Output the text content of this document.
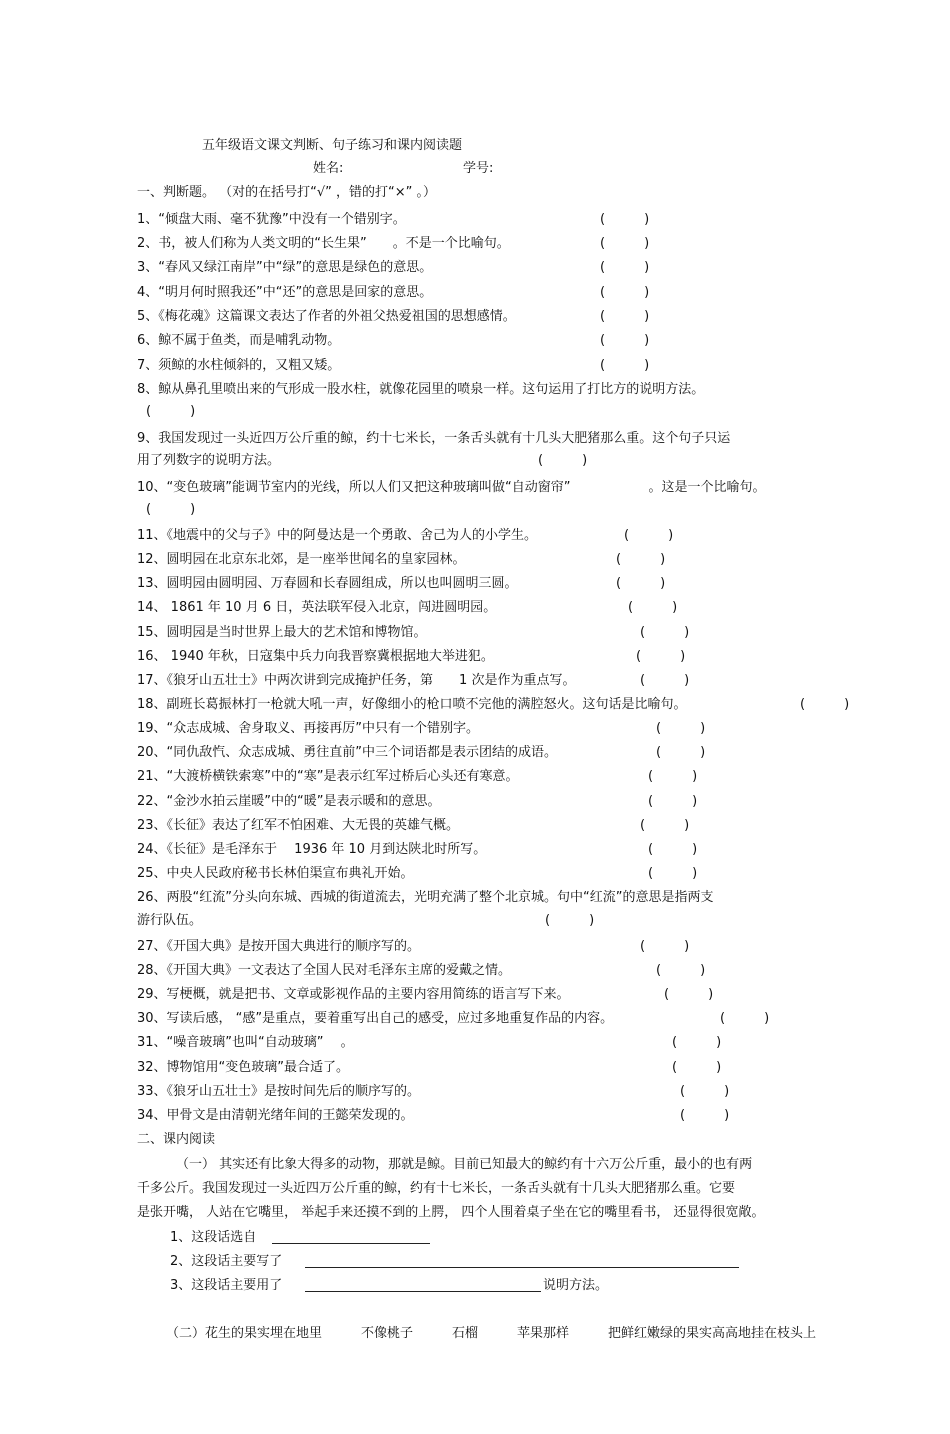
五年级语文课文判断、句子练习和课内阅读题
姓名:	学号:
一、判断题。 （对的在括号打“√” ，错的打“×” 。）
1、“倾盘大雨、毫不犹豫”中没有一个错别字。	(　　　)
2、书，被人们称为人类文明的“长生果”　　。不是一个比喻句。	(　　　)
3、“春风又绿江南岸”中“绿”的意思是绿色的意思。	(　　　)
4、“明月何时照我还”中“还”的意思是回家的意思。	(　　　)
5、《梅花魂》这篇课文表达了作者的外祖父热爱祖国的思想感情。	(　　　)
6、鲸不属于鱼类，而是哺乳动物。	(　　　)
7、须鲸的水柱倾斜的，又粗又矮。	(　　　)
8、鲸从鼻孔里喷出来的气形成一股水柱，就像花园里的喷泉一样。这句运用了打比方的说明方法。
(　　　)
9、我国发现过一头近四万公斤重的鲸，约十七米长，一条舌头就有十几头大肥猪那么重。这个句子只运
用了列数字的说明方法。	(　　　)
10、“变色玻璃”能调节室内的光线，所以人们又把这种玻璃叫做“自动窗帘”　　　　　　。这是一个比喻句。
(　　　)
11、《地震中的父与子》中的阿曼达是一个勇敢、舍己为人的小学生。	(　　　)
12、圆明园在北京东北郊，是一座举世闻名的皇家园林。	(　　　)
13、圆明园由圆明园、万春圆和长春圆组成，所以也叫圆明三圆。	(　　　)
14、 1861 年 10 月 6 日，英法联军侵入北京，闯进圆明园。	(　　　)
15、圆明园是当时世界上最大的艺术馆和博物馆。	(　　　)
16、 1940 年秋，日寇集中兵力向我晋察冀根据地大举进犯。	(　　　)
17、《狼牙山五壮士》中两次讲到完成掩护任务，第　　1 次是作为重点写。	(　　　)
18、副班长葛振林打一枪就大吼一声，好像细小的枪口喷不完他的满腔怒火。这句话是比喻句。	(　　　)
19、“众志成城、舍身取义、再接再厉”中只有一个错别字。	(　　　)
20、“同仇敌忾、众志成城、勇往直前”中三个词语都是表示团结的成语。	(　　　)
21、“大渡桥横铁索寒”中的“寒”是表示红军过桥后心头还有寒意。	(　　　)
22、“金沙水拍云崖暖”中的“暖”是表示暖和的意思。	(　　　)
23、《长征》表达了红军不怕困难、大无畏的英雄气概。	(　　　)
24、《长征》是毛泽东于　 1936 年 10 月到达陕北时所写。	(　　　)
25、中央人民政府秘书长林伯渠宣布典礼开始。	(　　　)
26、两股“红流”分头向东城、西城的街道流去，光明充满了整个北京城。句中“红流”的意思是指两支
游行队伍。	(　　　)
27、《开国大典》是按开国大典进行的顺序写的。	(　　　)
28、《开国大典》一文表达了全国人民对毛泽东主席的爱戴之情。	(　　　)
29、写梗概，就是把书、文章或影视作品的主要内容用简练的语言写下来。	(　　　)
30、写读后感， “感”是重点，要着重写出自己的感受，应过多地重复作品的内容。	(　　　)
31、“噪音玻璃”也叫“自动玻璃”　 。	(　　　)
32、博物馆用“变色玻璃”最合适了。	(　　　)
33、《狼牙山五壮士》是按时间先后的顺序写的。	(　　　)
34、甲骨文是由清朝光绪年间的王懿荣发现的。	(　　　)
二、课内阅读
（一） 其实还有比象大得多的动物，那就是鲸。目前已知最大的鲸约有十六万公斤重，最小的也有两
千多公斤。我国发现过一头近四万公斤重的鲸，约有十七米长，一条舌头就有十几头大肥猪那么重。它要
是张开嘴， 人站在它嘴里， 举起手来还摸不到的上腭， 四个人围着桌子坐在它的嘴里看书， 还显得很宽敞。
1、这段话选自
2、这段话主要写了
3、这段话主要用了	说明方法。
（二）花生的果实埋在地里　　　不像桃子　　　石榴　　　苹果那样　　　把鲜红嫩绿的果实高高地挂在枝头上
